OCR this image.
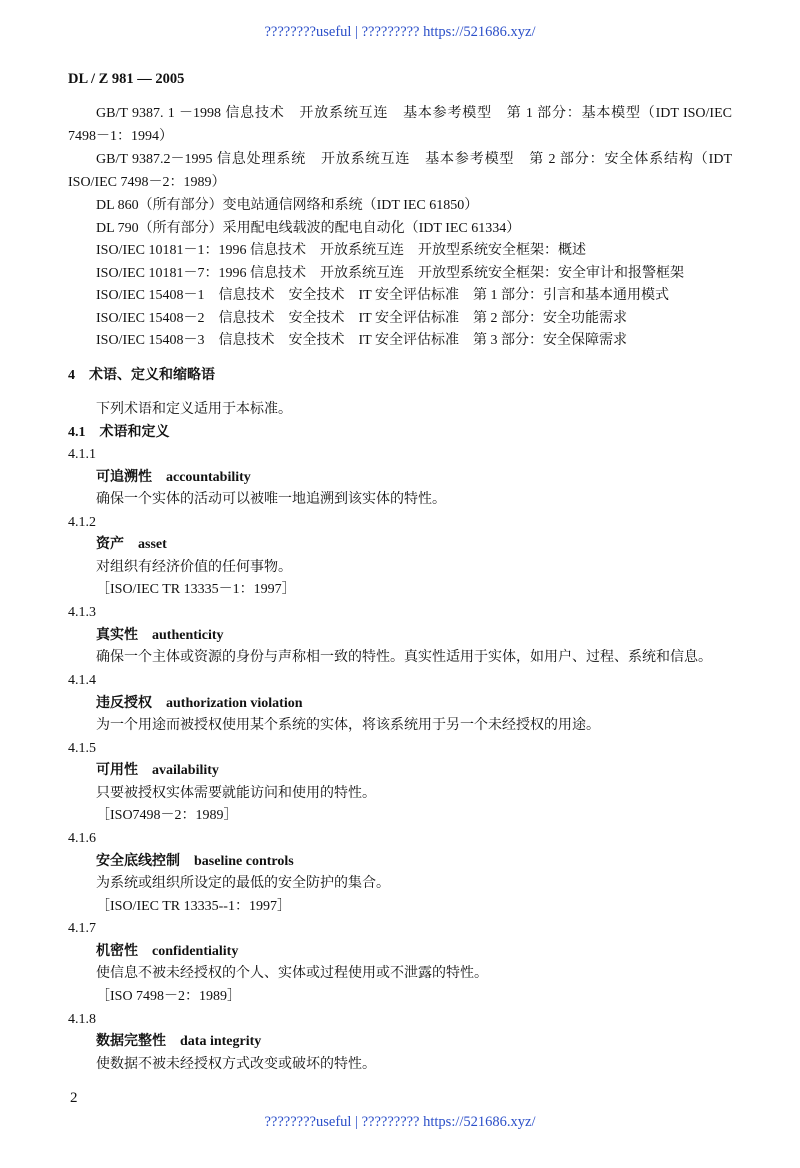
????????useful | ????????? https://521686.xyz/
DL / Z 981 — 2005
GB/T 9387. 1 －1998 信息技术　开放系统互连　基本参考模型　第 1 部分：基本模型（IDT ISO/IEC
7498－1：1994）
GB/T 9387.2－1995 信息处理系统　开放系统互连　基本参考模型　第 2 部分：安全体系结构（IDT
ISO/IEC 7498－2：1989）
DL 860（所有部分）变电站通信网络和系统（IDT IEC 61850）
DL 790（所有部分）采用配电线载波的配电自动化（IDT IEC 61334）
ISO/IEC 10181－1：1996 信息技术　开放系统互连　开放型系统安全框架：概述
ISO/IEC 10181－7：1996 信息技术　开放系统互连　开放型系统安全框架：安全审计和报警框架
ISO/IEC 15408－1　信息技术　安全技术　IT 安全评估标准　第 1 部分：引言和基本通用模式
ISO/IEC 15408－2　信息技术　安全技术　IT 安全评估标准　第 2 部分：安全功能需求
ISO/IEC 15408－3　信息技术　安全技术　IT 安全评估标准　第 3 部分：安全保障需求
4　术语、定义和缩略语
下列术语和定义适用于本标准。
4.1　术语和定义
4.1.1
可追溯性 accountability
确保一个实体的活动可以被唯一地追溯到该实体的特性。
4.1.2
资产 asset
对组织有经济价值的任何事物。
［ISO/IEC TR 13335－1：1997］
4.1.3
真实性 authenticity
确保一个主体或资源的身份与声称相一致的特性。真实性适用于实体，如用户、过程、系统和信息。
4.1.4
违反授权 authorization violation
为一个用途而被授权使用某个系统的实体，将该系统用于另一个未经授权的用途。
4.1.5
可用性 availability
只要被授权实体需要就能访问和使用的特性。
［ISO7498－2：1989］
4.1.6
安全底线控制 baseline controls
为系统或组织所设定的最低的安全防护的集合。
［ISO/IEC TR 13335--1：1997］
4.1.7
机密性 confidentiality
使信息不被未经授权的个人、实体或过程使用或不泄露的特性。
［ISO 7498－2：1989］
4.1.8
数据完整性 data integrity
使数据不被未经授权方式改变或破坏的特性。
2
????????useful | ????????? https://521686.xyz/
